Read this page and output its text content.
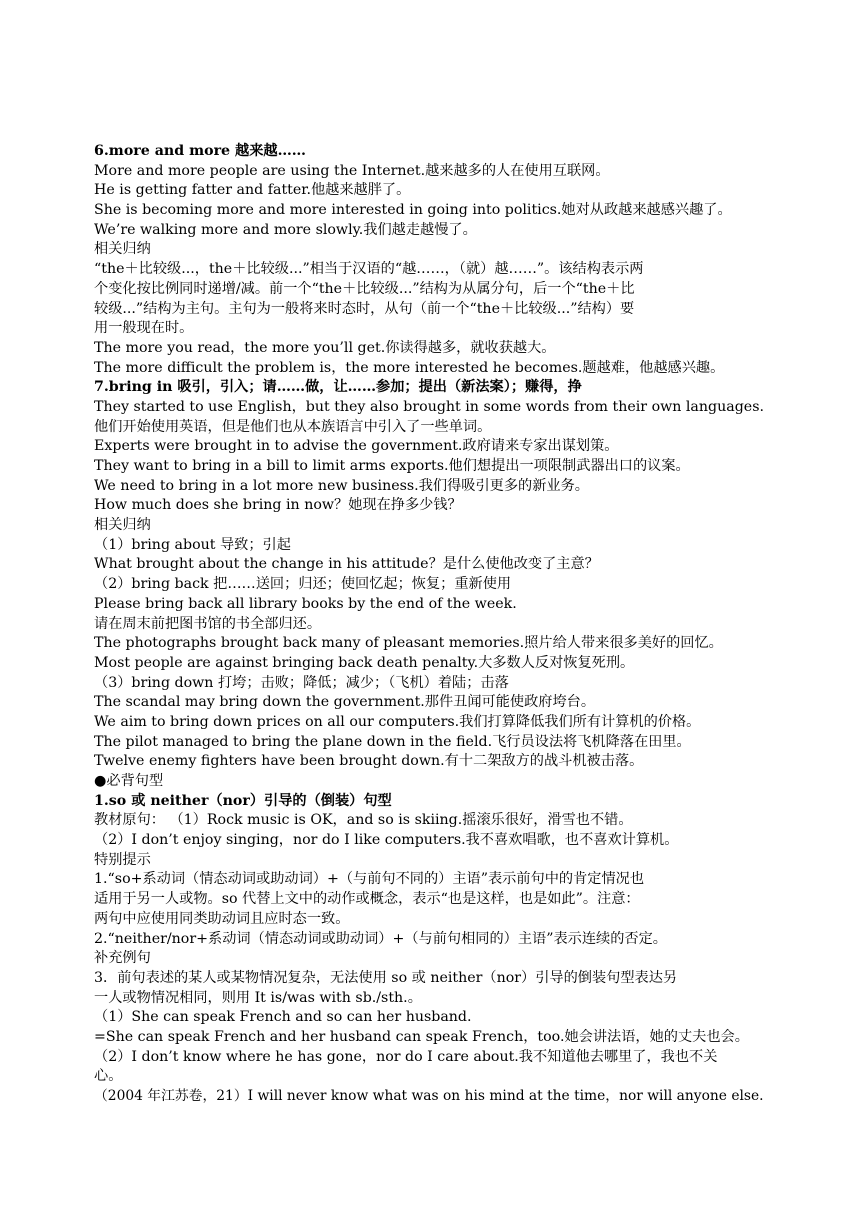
6.more and more 越来越……
More and more people are using the Internet.越来越多的人在使用互联网。
He is getting fatter and fatter.他越来越胖了。
She is becoming more and more interested in going into politics.她对从政越来越感兴趣了。
We’re walking more and more slowly.我们越走越慢了。
相关归纳
“the＋比较级...，the＋比较级...”相当于汉语的“越……，（就）越……”。该结构表示两
个变化按比例同时递增/减。前一个“the＋比较级...”结构为从属分句，后一个“the＋比
较级...”结构为主句。主句为一般将来时态时，从句（前一个“the＋比较级...”结构）要
用一般现在时。
The more you read，the more you’ll get.你读得越多，就收获越大。
The more difficult the problem is，the more interested he becomes.题越难，他越感兴趣。
7.bring in 吸引，引入；请……做，让……参加；提出（新法案）；赚得，挣
They started to use English，but they also brought in some words from their own languages.
他们开始使用英语，但是他们也从本族语言中引入了一些单词。
Experts were brought in to advise the government.政府请来专家出谋划策。
They want to bring in a bill to limit arms exports.他们想提出一项限制武器出口的议案。
We need to bring in a lot more new business.我们得吸引更多的新业务。
How much does she bring in now？她现在挣多少钱？
相关归纳
（1）bring about 导致；引起
What brought about the change in his attitude？是什么使他改变了主意？
（2）bring back 把……送回；归还；使回忆起；恢复；重新使用
Please bring back all library books by the end of the week.
请在周末前把图书馆的书全部归还。
The photographs brought back many of pleasant memories.照片给人带来很多美好的回忆。
Most people are against bringing back death penalty.大多数人反对恢复死刑。
（3）bring down 打垮；击败；降低；减少；（飞机）着陆；击落
The scandal may bring down the government.那件丑闻可能使政府垮台。
We aim to bring down prices on all our computers.我们打算降低我们所有计算机的价格。
The pilot managed to bring the plane down in the field.飞行员设法将飞机降落在田里。
Twelve enemy fighters have been brought down.有十二架敌方的战斗机被击落。
●必背句型
1.so 或 neither（nor）引导的（倒装）句型
教材原句： （1）Rock music is OK，and so is skiing.摇滚乐很好，滑雪也不错。
（2）I don’t enjoy singing，nor do I like computers.我不喜欢唱歌，也不喜欢计算机。
特别提示
1.“so+系动词（情态动词或助动词）+（与前句不同的）主语”表示前句中的肯定情况也
适用于另一人或物。so 代替上文中的动作或概念，表示“也是这样，也是如此”。注意：
两句中应使用同类助动词且应时态一致。
2.“neither/nor+系动词（情态动词或助动词）+（与前句相同的）主语”表示连续的否定。
补充例句
3．前句表述的某人或某物情况复杂，无法使用 so 或 neither（nor）引导的倒装句型表达另
一人或物情况相同，则用 It is/was with sb./sth.。
（1）She can speak French and so can her husband.
=She can speak French and her husband can speak French，too.她会讲法语，她的丈夫也会。
（2）I don’t know where he has gone，nor do I care about.我不知道他去哪里了，我也不关
心。
（2004 年江苏卷，21）I will never know what was on his mind at the time，nor will anyone else.
